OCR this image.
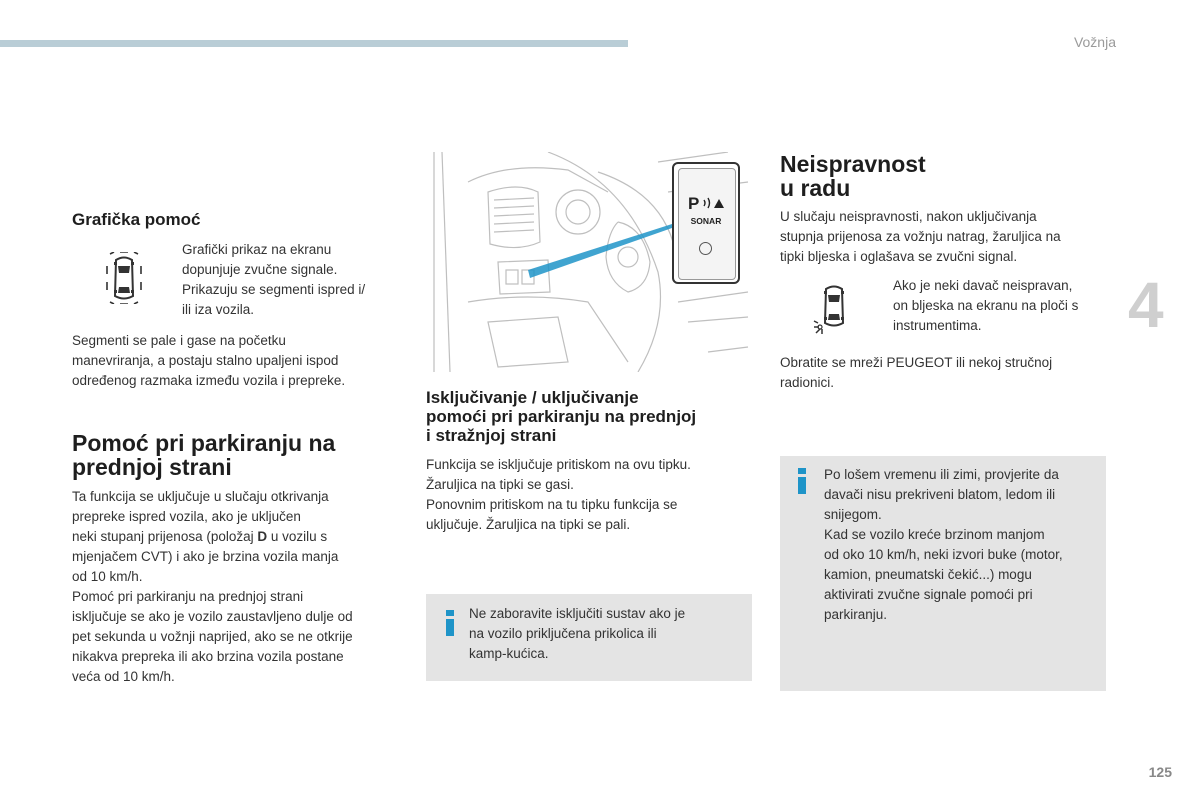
Vožnja
4
125
Grafička pomoć

Grafički prikaz na ekranu

dopunjuje zvučne signale.

Prikazuju se segmenti ispred i/

ili iza vozila.

Segmenti se pale i gase na početku

manevriranja, a postaju stalno upaljeni ispod

određenog razmaka između vozila i prepreke.

Pomoć pri parkiranju na
prednjoj strani

Ta funkcija se uključuje u slučaju otkrivanja

prepreke ispred vozila, ako je uključen

neki stupanj prijenosa (položaj D u vozilu s

mjenjačem CVT) i ako je brzina vozila manja

od 10 km/h.

Pomoć pri parkiranju na prednjoj strani

isključuje se ako je vozilo zaustavljeno dulje od

pet sekunda u vožnji naprijed, ako se ne otkrije

nikakva prepreka ili ako brzina vozila postane

veća od 10 km/h.

P
SONAR
Isključivanje / uključivanje
pomoći pri parkiranju na prednjoj
i stražnjoj strani

Funkcija se isključuje pritiskom na ovu tipku.

Žaruljica na tipki se gasi.

Ponovnim pritiskom na tu tipku funkcija se

uključuje. Žaruljica na tipki se pali.

Ne zaboravite isključiti sustav ako je

na vozilo priključena prikolica ili

kamp-kućica.

Neispravnost
u radu

U slučaju neispravnosti, nakon uključivanja

stupnja prijenosa za vožnju natrag, žaruljica na

tipki bljeska i oglašava se zvučni signal.

Ako je neki davač neispravan,

on bljeska na ekranu na ploči s

instrumentima.

Obratite se mreži PEUGEOT ili nekoj stručnoj

radionici.

Po lošem vremenu ili zimi, provjerite da

davači nisu prekriveni blatom, ledom ili

snijegom.

Kad se vozilo kreće brzinom manjom

od oko 10 km/h, neki izvori buke (motor,

kamion, pneumatski čekić...) mogu

aktivirati zvučne signale pomoći pri

parkiranju.
